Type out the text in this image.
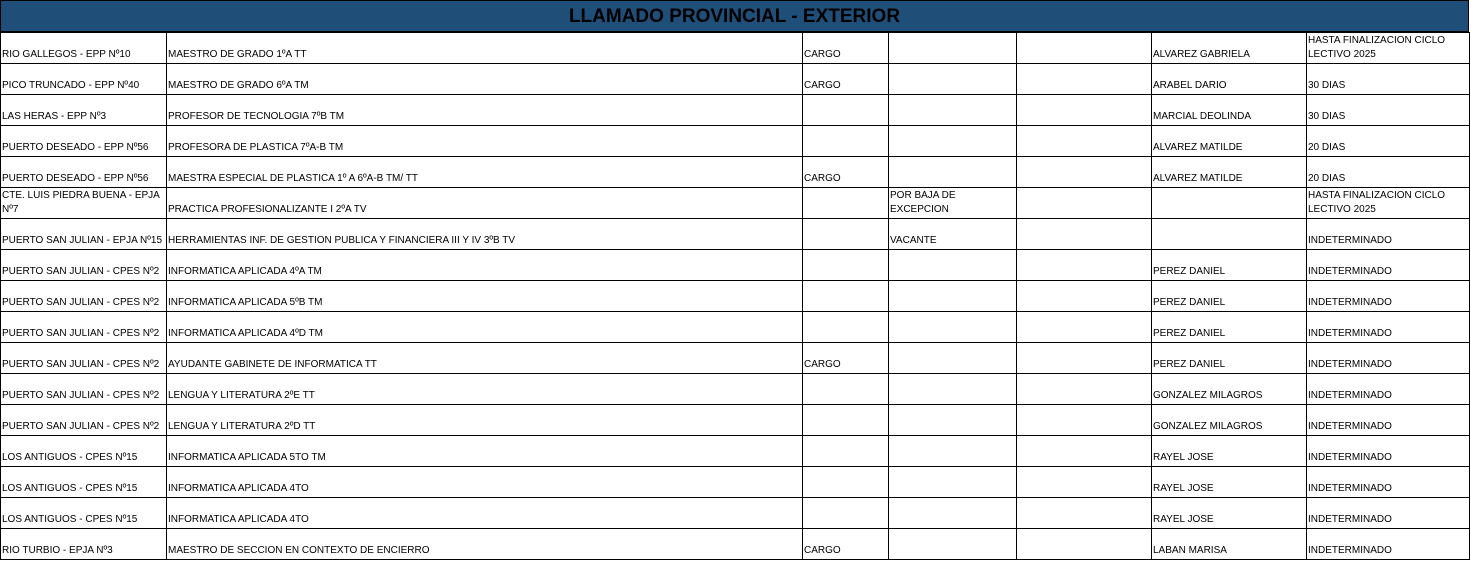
LLAMADO PROVINCIAL - EXTERIOR
RIO GALLEGOS - EPP Nº10	MAESTRO DE GRADO 1ºA TT	CARGO			ALVAREZ GABRIELA	HASTA FINALIZACION CICLO LECTIVO 2025
PICO TRUNCADO - EPP Nº40	MAESTRO DE GRADO 6ºA TM	CARGO			ARABEL DARIO	30 DIAS
LAS HERAS - EPP Nº3	PROFESOR DE TECNOLOGIA 7ºB TM				MARCIAL DEOLINDA	30 DIAS
PUERTO DESEADO - EPP Nº56	PROFESORA DE PLASTICA 7ºA-B TM				ALVAREZ MATILDE	20 DIAS
PUERTO DESEADO - EPP Nº56	MAESTRA ESPECIAL DE PLASTICA 1º A 6ºA-B TM/ TT	CARGO			ALVAREZ MATILDE	20 DIAS
CTE. LUIS PIEDRA BUENA - EPJA Nº7	PRACTICA PROFESIONALIZANTE I 2ºA TV		POR BAJA DE EXCEPCION			HASTA FINALIZACION CICLO LECTIVO 2025
PUERTO SAN JULIAN - EPJA Nº15	HERRAMIENTAS INF. DE GESTION PUBLICA Y FINANCIERA III Y IV 3ºB TV		VACANTE			INDETERMINADO
PUERTO SAN JULIAN - CPES Nº2	INFORMATICA APLICADA 4ºA TM				PEREZ DANIEL	INDETERMINADO
PUERTO SAN JULIAN - CPES Nº2	INFORMATICA APLICADA 5ºB TM				PEREZ DANIEL	INDETERMINADO
PUERTO SAN JULIAN - CPES Nº2	INFORMATICA APLICADA 4ºD TM				PEREZ DANIEL	INDETERMINADO
PUERTO SAN JULIAN - CPES Nº2	AYUDANTE GABINETE DE INFORMATICA TT	CARGO			PEREZ DANIEL	INDETERMINADO
PUERTO SAN JULIAN - CPES Nº2	LENGUA Y LITERATURA 2ºE TT				GONZALEZ MILAGROS	INDETERMINADO
PUERTO SAN JULIAN - CPES Nº2	LENGUA Y LITERATURA 2ºD TT				GONZALEZ MILAGROS	INDETERMINADO
LOS ANTIGUOS - CPES Nº15	INFORMATICA APLICADA 5TO TM				RAYEL JOSE	INDETERMINADO
LOS ANTIGUOS - CPES Nº15	INFORMATICA APLICADA 4TO				RAYEL JOSE	INDETERMINADO
LOS ANTIGUOS - CPES Nº15	INFORMATICA APLICADA 4TO				RAYEL JOSE	INDETERMINADO
RIO TURBIO - EPJA Nº3	MAESTRO DE SECCION EN CONTEXTO DE ENCIERRO	CARGO			LABAN MARISA	INDETERMINADO
